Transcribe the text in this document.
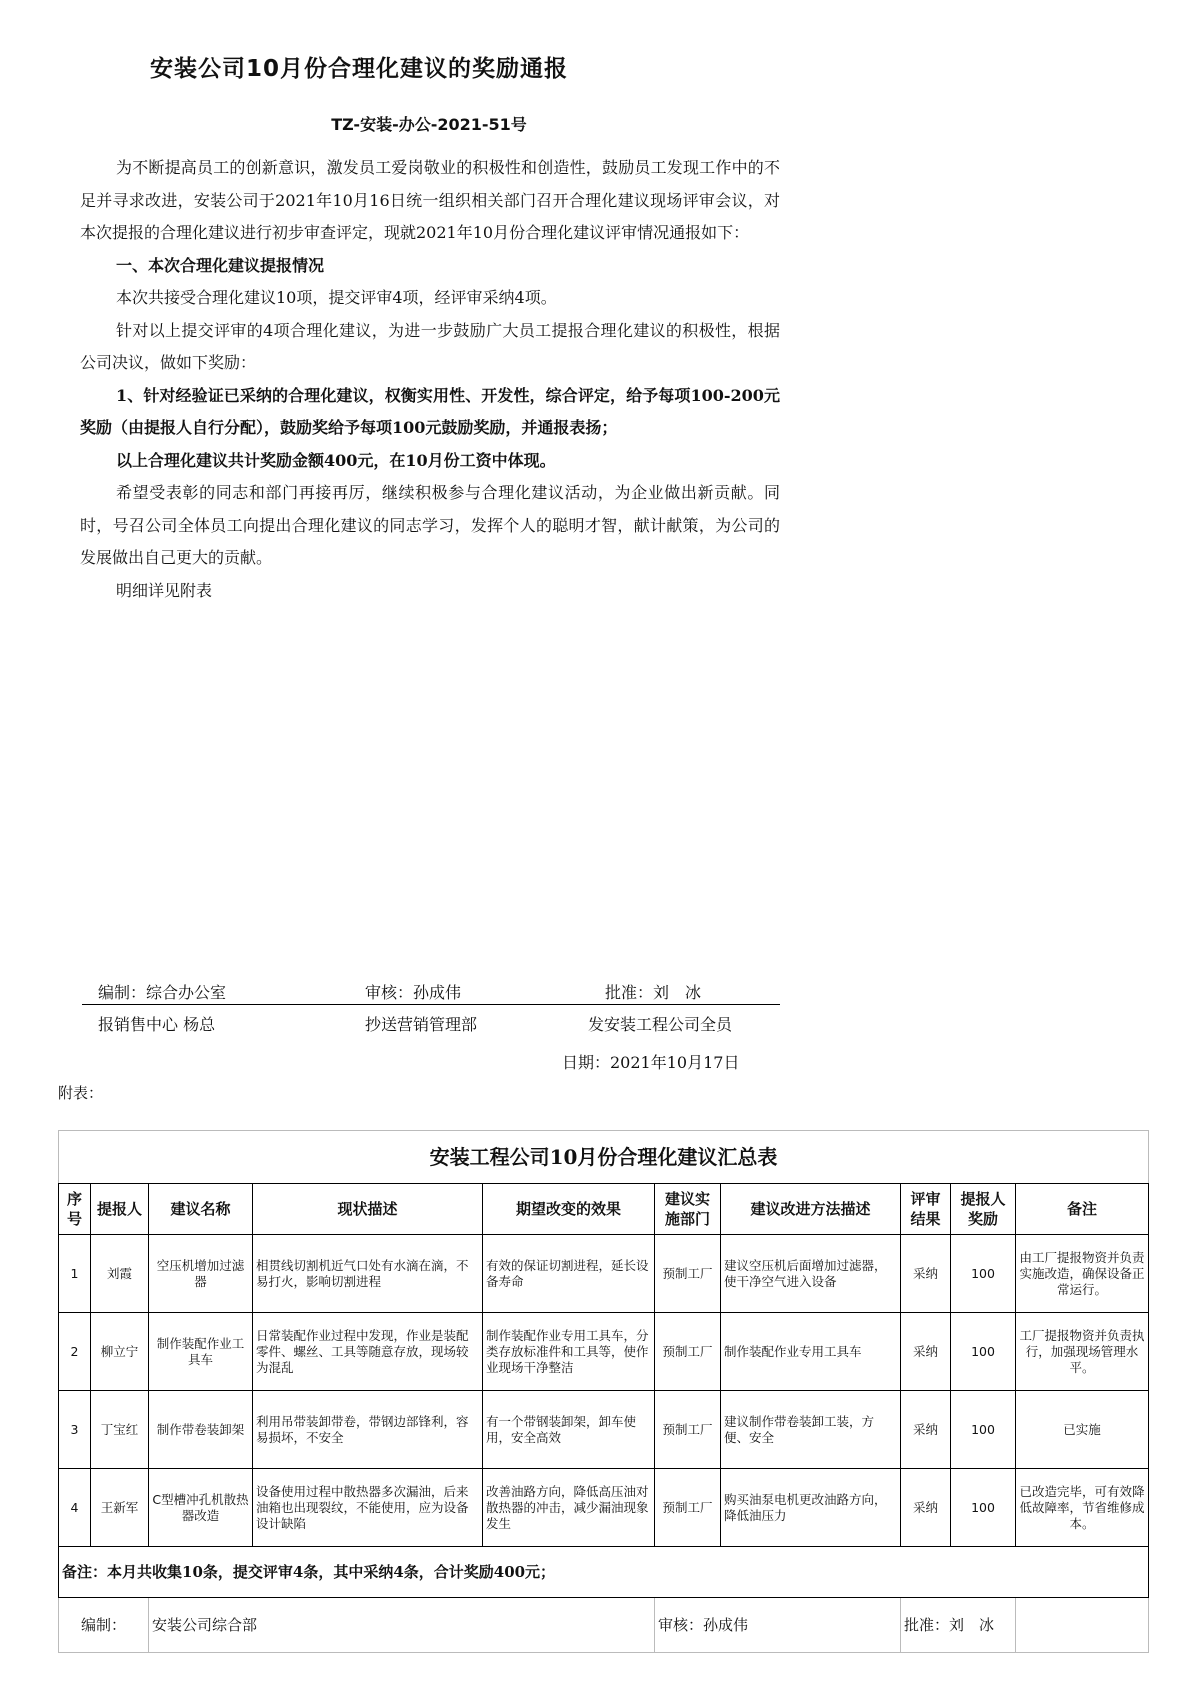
安装公司10月份合理化建议的奖励通报
TZ-安装-办公-2021-51号

为不断提高员工的创新意识，激发员工爱岗敬业的积极性和创造性，鼓励员工发现工作中的不足并寻求改进，安装公司于2021年10月16日统一组织相关部门召开合理化建议现场评审会议，对本次提报的合理化建议进行初步审查评定，现就2021年10月份合理化建议评审情况通报如下：

一、本次合理化建议提报情况

本次共接受合理化建议10项，提交评审4项，经评审采纳4项。

针对以上提交评审的4项合理化建议，为进一步鼓励广大员工提报合理化建议的积极性，根据公司决议，做如下奖励：

1、针对经验证已采纳的合理化建议，权衡实用性、开发性，综合评定，给予每项100-200元奖励（由提报人自行分配），鼓励奖给予每项100元鼓励奖励，并通报表扬；

以上合理化建议共计奖励金额400元，在10月份工资中体现。

希望受表彰的同志和部门再接再厉，继续积极参与合理化建议活动，为企业做出新贡献。同时，号召公司全体员工向提出合理化建议的同志学习，发挥个人的聪明才智，献计献策，为公司的发展做出自己更大的贡献。

明细详见附表

编制：综合办公室	审核：孙成伟	批准：刘　冰
报销售中心 杨总	抄送营销管理部	发安装工程公司全员
日期：2021年10月17日
附表：
安装工程公司10月份合理化建议汇总表									
序号	提报人	建议名称	现状描述	期望改变的效果	建议实施部门	建议改进方法描述	评审结果	提报人奖励	备注
1	刘霞	空压机增加过滤器	相贯线切割机近气口处有水滴在滴，不易打火，影响切割进程	有效的保证切割进程，延长设备寿命	预制工厂	建议空压机后面增加过滤器，使干净空气进入设备	采纳	100	由工厂提报物资并负责实施改造，确保设备正常运行。
2	柳立宁	制作装配作业工具车	日常装配作业过程中发现，作业是装配零件、螺丝、工具等随意存放，现场较为混乱	制作装配作业专用工具车，分类存放标准件和工具等，使作业现场干净整洁	预制工厂	制作装配作业专用工具车	采纳	100	工厂提报物资并负责执行，加强现场管理水平。
3	丁宝红	制作带卷装卸架	利用吊带装卸带卷，带钢边部锋利，容易损坏，不安全	有一个带钢装卸架，卸车使用，安全高效	预制工厂	建议制作带卷装卸工装，方便、安全	采纳	100	已实施
4	王新军	C型槽冲孔机散热器改造	设备使用过程中散热器多次漏油，后来油箱也出现裂纹，不能使用，应为设备设计缺陷	改善油路方向，降低高压油对散热器的冲击，减少漏油现象发生	预制工厂	购买油泵电机更改油路方向，降低油压力	采纳	100	已改造完毕，可有效降低故障率，节省维修成本。
备注：本月共收集10条，提交评审4条，其中采纳4条，合计奖励400元；									
编制：		安装公司综合部			审核：孙成伟		批准：刘　冰		
